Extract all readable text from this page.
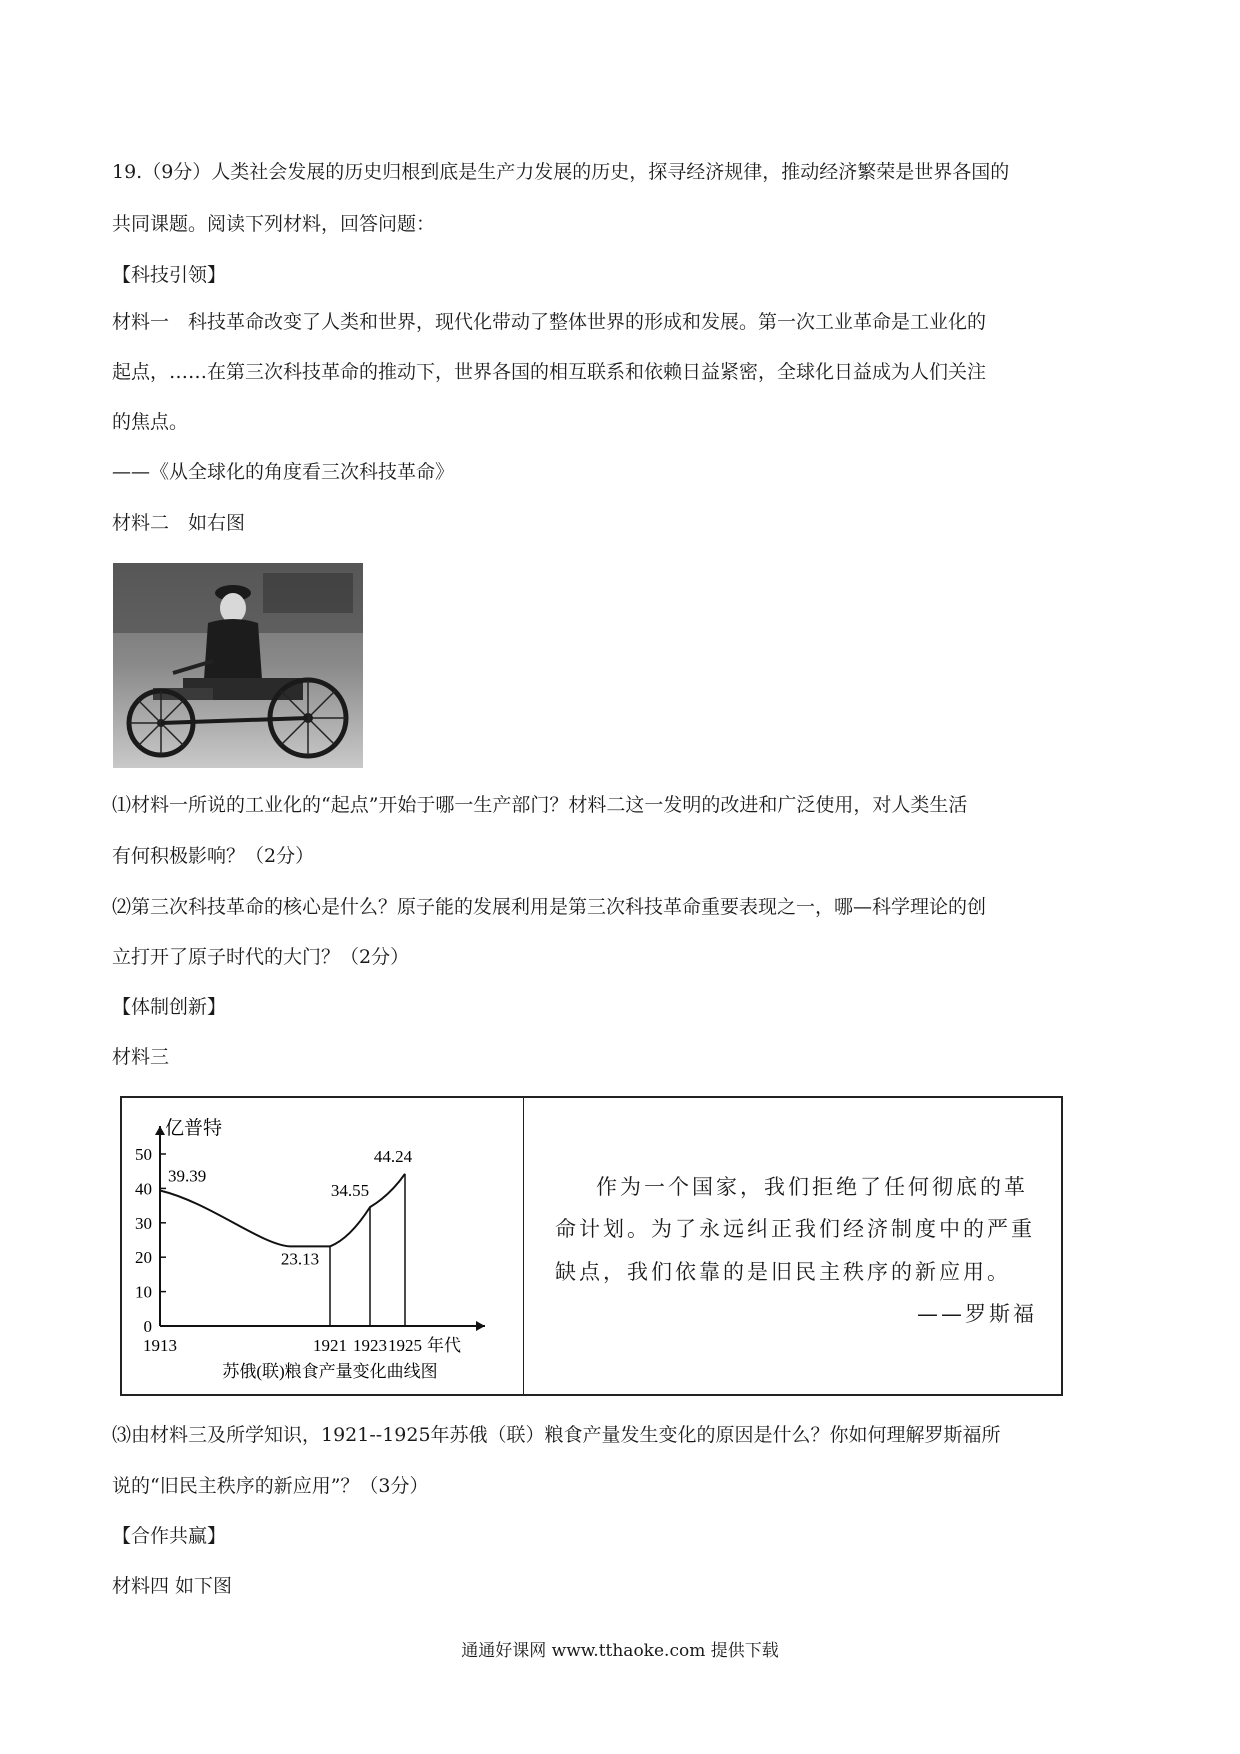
19.（9分）人类社会发展的历史归根到底是生产力发展的历史，探寻经济规律，推动经济繁荣是世界各国的
共同课题。阅读下列材料，回答问题：
【科技引领】
材料一　科技革命改变了人类和世界，现代化带动了整体世界的形成和发展。第一次工业革命是工业化的
起点，……在第三次科技革命的推动下，世界各国的相互联系和依赖日益紧密，全球化日益成为人们关注
的焦点。
——《从全球化的角度看三次科技革命》
材料二　如右图
⑴材料一所说的工业化的“起点”开始于哪一生产部门？材料二这一发明的改进和广泛使用，对人类生活
有何积极影响？（2分）
⑵第三次科技革命的核心是什么？原子能的发展利用是第三次科技革命重要表现之一，哪—科学理论的创
立打开了原子时代的大门？（2分）
【体制创新】
材料三
亿普特
苏俄(联)粮食产量变化曲线图
0
10
20
30
40
50
1913	1921 1923 1925 年代
39.39
23.13
34.55
44.24
作为一个国家，我们拒绝了任何彻底的革
命计划。为了永远纠正我们经济制度中的严重
缺点，我们依靠的是旧民主秩序的新应用。
——罗斯福
⑶由材料三及所学知识，1921--1925年苏俄（联）粮食产量发生变化的原因是什么？你如何理解罗斯福所
说的“旧民主秩序的新应用”？（3分）
【合作共赢】
材料四 如下图
通通好课网 www.tthaoke.com 提供下载
